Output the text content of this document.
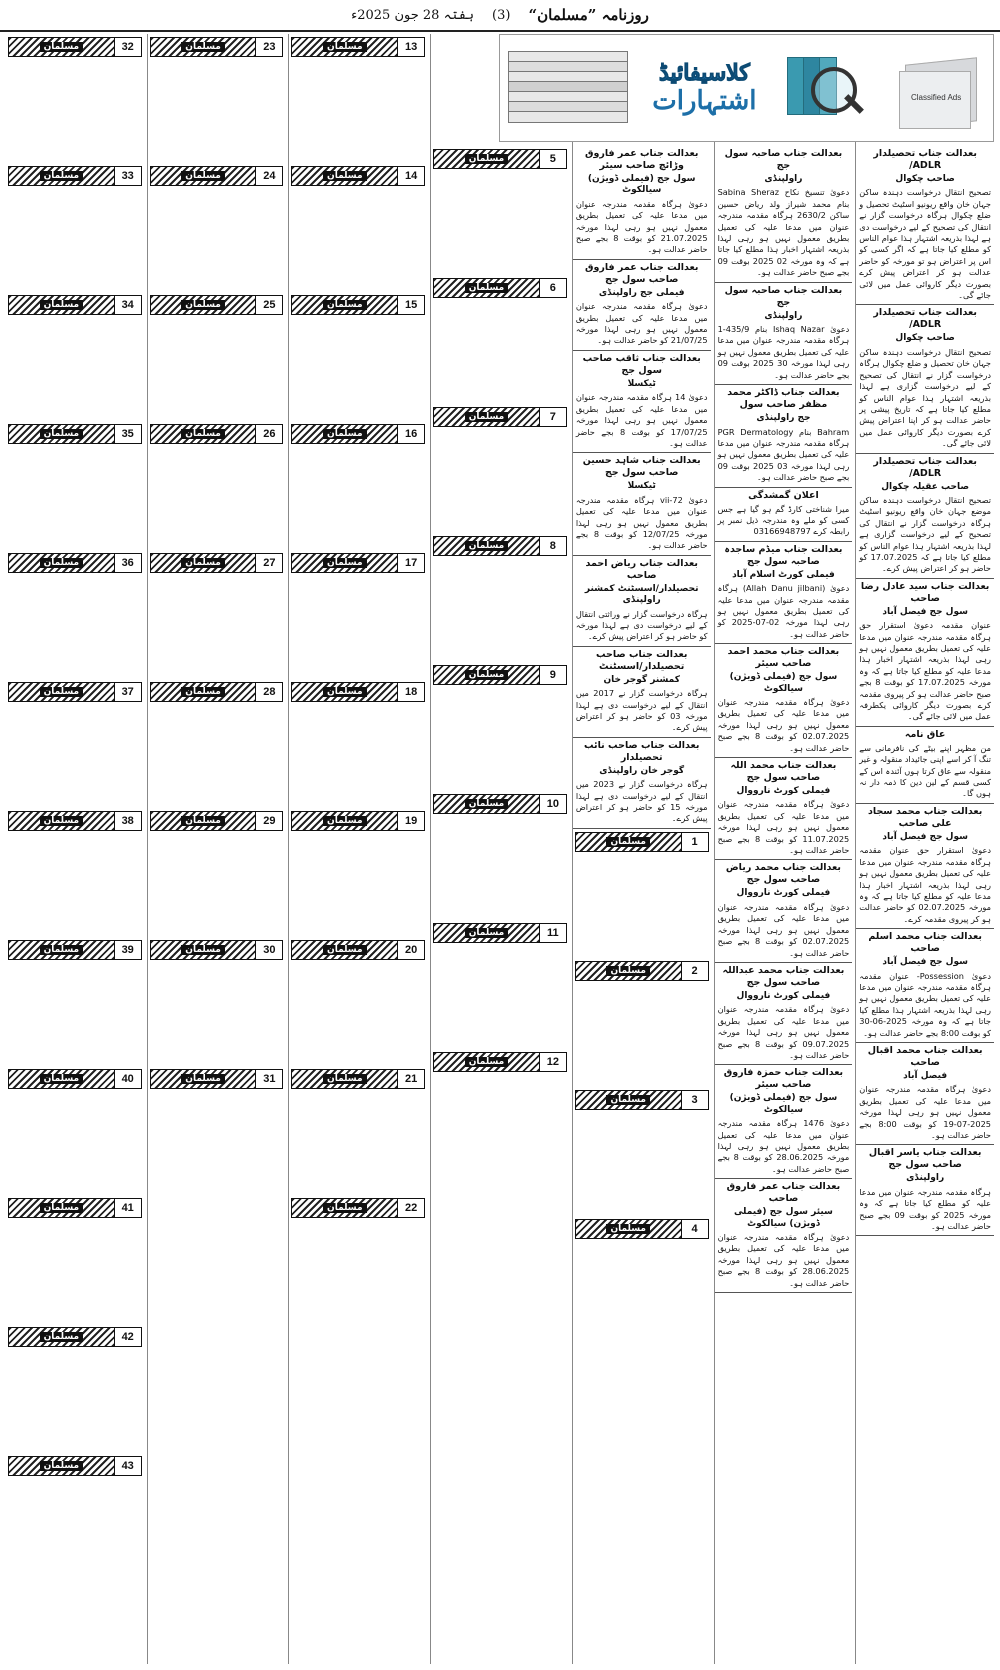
روزنامہ ”مسلمان“
(3)
ہفتہ 28 جون 2025ء
Classified Ads
کلاسیفائیڈ
اشتہارات
بعدالت جناب تحصیلدار ADLR/
صاحب چکوال

تصحیح انتقال درخواست دہندہ ساکن جہان خان واقع ریونیو اسٹیٹ تحصیل و ضلع چکوال ہرگاہ درخواست گزار نے انتقال کی تصحیح کے لیے درخواست دی ہے لہذا بذریعہ اشتہار ہذا عوام الناس کو مطلع کیا جاتا ہے کہ اگر کسی کو اس پر اعتراض ہو تو مورخہ کو حاضر عدالت ہو کر اعتراض پیش کرے بصورت دیگر کاروائی عمل میں لائی جائے گی۔

بعدالت جناب تحصیلدار ADLR/
صاحب چکوال

تصحیح انتقال درخواست دہندہ ساکن جہان خان تحصیل و ضلع چکوال ہرگاہ درخواست گزار نے انتقال کی تصحیح کے لیے درخواست گزاری ہے لہذا بذریعہ اشتہار ہذا عوام الناس کو مطلع کیا جاتا ہے کہ تاریخ پیشی پر حاضر عدالت ہو کر اپنا اعتراض پیش کرے بصورت دیگر کاروائی عمل میں لائی جائے گی۔

بعدالت جناب تحصیلدار ADLR/
صاحب عقیلہ چکوال

تصحیح انتقال درخواست دہندہ ساکن موضع جہان خان واقع ریونیو اسٹیٹ ہرگاہ درخواست گزار نے انتقال کی تصحیح کے لیے درخواست گزاری ہے لہذا بذریعہ اشتہار ہذا عوام الناس کو مطلع کیا جاتا ہے کہ 17.07.2025 کو حاضر ہو کر اعتراض پیش کرے۔

بعدالت جناب سید عادل رضا صاحب
سول جج فیصل آباد

عنوان مقدمہ دعویٰ استقرار حق ہرگاہ مقدمہ مندرجہ عنوان میں مدعا علیہ کی تعمیل بطریق معمول نہیں ہو رہی لہذا بذریعہ اشتہار اخبار ہذا مدعا علیہ کو مطلع کیا جاتا ہے کہ وہ مورخہ 17.07.2025 کو بوقت 8 بجے صبح حاضر عدالت ہو کر پیروی مقدمہ کرے بصورت دیگر کاروائی یکطرفہ عمل میں لائی جائے گی۔

عاق نامہ

من مظہر اپنے بیٹے کی نافرمانی سے تنگ آ کر اسے اپنی جائیداد منقولہ و غیر منقولہ سے عاق کرتا ہوں آئندہ اس کے کسی قسم کے لین دین کا ذمہ دار نہ ہوں گا۔

بعدالت جناب محمد سجاد علی صاحب
سول جج فیصل آباد

دعویٰ استقرار حق عنوان مقدمہ ہرگاہ مقدمہ مندرجہ عنوان میں مدعا علیہ کی تعمیل بطریق معمول نہیں ہو رہی لہذا بذریعہ اشتہار اخبار ہذا مدعا علیہ کو مطلع کیا جاتا ہے کہ وہ مورخہ 02.07.2025 کو حاضر عدالت ہو کر پیروی مقدمہ کرے۔

بعدالت جناب محمد اسلم صاحب
سول جج فیصل آباد

دعویٰ Possession- عنوان مقدمہ ہرگاہ مقدمہ مندرجہ عنوان میں مدعا علیہ کی تعمیل بطریق معمول نہیں ہو رہی لہذا بذریعہ اشتہار ہذا مطلع کیا جاتا ہے کہ وہ مورخہ 2025-06-30 کو بوقت 8:00 بجے حاضر عدالت ہو۔

بعدالت جناب محمد اقبال صاحب
فیصل آباد

دعویٰ ہرگاہ مقدمہ مندرجہ عنوان میں مدعا علیہ کی تعمیل بطریق معمول نہیں ہو رہی لہذا مورخہ 2025-07-19 کو بوقت 8:00 بجے حاضر عدالت ہو۔

بعدالت جناب یاسر اقبال صاحب سول جج
راولپنڈی

ہرگاہ مقدمہ مندرجہ عنوان میں مدعا علیہ کو مطلع کیا جاتا ہے کہ وہ مورخہ 2025 کو بوقت 09 بجے صبح حاضر عدالت ہو۔

بعدالت جناب صاحبہ سول جج
راولپنڈی

دعویٰ تنسیخ نکاح Sabina Sheraz بنام محمد شیراز ولد ریاض حسین ساکن 2630/2 ہرگاہ مقدمہ مندرجہ عنوان میں مدعا علیہ کی تعمیل بطریق معمول نہیں ہو رہی لہذا بذریعہ اشتہار اخبار ہذا مطلع کیا جاتا ہے کہ وہ مورخہ 02 2025 بوقت 09 بجے صبح حاضر عدالت ہو۔

بعدالت جناب صاحبہ سول جج
راولپنڈی

دعویٰ Ishaq Nazar بنام 435/9-1 ہرگاہ مقدمہ مندرجہ عنوان میں مدعا علیہ کی تعمیل بطریق معمول نہیں ہو رہی لہذا مورخہ 30 2025 بوقت 09 بجے حاضر عدالت ہو۔

بعدالت جناب ڈاکٹر محمد مظفر صاحب سول
جج راولپنڈی

Bahram بنام PGR Dermatology ہرگاہ مقدمہ مندرجہ عنوان میں مدعا علیہ کی تعمیل بطریق معمول نہیں ہو رہی لہذا مورخہ 03 2025 بوقت 09 بجے صبح حاضر عدالت ہو۔

اعلان گمشدگی

میرا شناختی کارڈ گم ہو گیا ہے جس کسی کو ملے وہ مندرجہ ذیل نمبر پر رابطہ کرے 03166948797

بعدالت جناب میڈم ساجدہ صاحبہ سول جج
فیملی کورٹ اسلام آباد

دعویٰ (Allah Danu jilbani) ہرگاہ مقدمہ مندرجہ عنوان میں مدعا علیہ کی تعمیل بطریق معمول نہیں ہو رہی لہذا مورخہ 02-07-2025 کو حاضر عدالت ہو۔

بعدالت جناب محمد احمد صاحب سیئر
سول جج (فیملی ڈویژن) سیالکوٹ

دعویٰ ہرگاہ مقدمہ مندرجہ عنوان میں مدعا علیہ کی تعمیل بطریق معمول نہیں ہو رہی لہذا مورخہ 02.07.2025 کو بوقت 8 بجے صبح حاضر عدالت ہو۔

بعدالت جناب محمد اللہ صاحب سول جج
فیملی کورٹ نارووال

دعویٰ ہرگاہ مقدمہ مندرجہ عنوان میں مدعا علیہ کی تعمیل بطریق معمول نہیں ہو رہی لہذا مورخہ 11.07.2025 کو بوقت 8 بجے صبح حاضر عدالت ہو۔

بعدالت جناب محمد ریاض صاحب سول جج
فیملی کورٹ نارووال

دعویٰ ہرگاہ مقدمہ مندرجہ عنوان میں مدعا علیہ کی تعمیل بطریق معمول نہیں ہو رہی لہذا مورخہ 02.07.2025 کو بوقت 8 بجے صبح حاضر عدالت ہو۔

بعدالت جناب محمد عبداللہ صاحب سول جج
فیملی کورٹ نارووال

دعویٰ ہرگاہ مقدمہ مندرجہ عنوان میں مدعا علیہ کی تعمیل بطریق معمول نہیں ہو رہی لہذا مورخہ 09.07.2025 کو بوقت 8 بجے صبح حاضر عدالت ہو۔

بعدالت جناب حمزہ فاروق صاحب سیئر
سول جج (فیملی ڈویژن) سیالکوٹ

دعویٰ 1476 ہرگاہ مقدمہ مندرجہ عنوان میں مدعا علیہ کی تعمیل بطریق معمول نہیں ہو رہی لہذا مورخہ 28.06.2025 کو بوقت 8 بجے صبح حاضر عدالت ہو۔

بعدالت جناب عمر فاروق صاحب
سیئر سول جج (فیملی ڈویژن) سیالکوٹ

دعویٰ ہرگاہ مقدمہ مندرجہ عنوان میں مدعا علیہ کی تعمیل بطریق معمول نہیں ہو رہی لہذا مورخہ 28.06.2025 کو بوقت 8 بجے صبح حاضر عدالت ہو۔

بعدالت جناب عمر فاروق وڑائچ صاحب سیئر
سول جج (فیملی ڈویژن) سیالکوٹ

دعویٰ ہرگاہ مقدمہ مندرجہ عنوان میں مدعا علیہ کی تعمیل بطریق معمول نہیں ہو رہی لہذا مورخہ 21.07.2025 کو بوقت 8 بجے صبح حاضر عدالت ہو۔

بعدالت جناب عمر فاروق صاحب سول جج
فیملی جج راولپنڈی

دعویٰ ہرگاہ مقدمہ مندرجہ عنوان میں مدعا علیہ کی تعمیل بطریق معمول نہیں ہو رہی لہذا مورخہ 21/07/25 کو حاضر عدالت ہو۔

بعدالت جناب ثاقب صاحب سول جج
ٹیکسلا

دعویٰ 14 ہرگاہ مقدمہ مندرجہ عنوان میں مدعا علیہ کی تعمیل بطریق معمول نہیں ہو رہی لہذا مورخہ 17/07/25 کو بوقت 8 بجے حاضر عدالت ہو۔

بعدالت جناب شاہد حسین صاحب سول جج
ٹیکسلا

دعویٰ vii-72 ہرگاہ مقدمہ مندرجہ عنوان میں مدعا علیہ کی تعمیل بطریق معمول نہیں ہو رہی لہذا مورخہ 12/07/25 کو بوقت 8 بجے حاضر عدالت ہو۔

بعدالت جناب ریاض احمد صاحب
تحصیلدار/اسسٹنٹ کمشنر راولپنڈی

ہرگاہ درخواست گزار نے وراثتی انتقال کے لیے درخواست دی ہے لہذا مورخہ کو حاضر ہو کر اعتراض پیش کرے۔

بعدالت جناب صاحب تحصیلدار/اسسٹنٹ
کمشنر گوجر خان

ہرگاہ درخواست گزار نے 2017 میں انتقال کے لیے درخواست دی ہے لہذا مورخہ 03 کو حاضر ہو کر اعتراض پیش کرے۔

بعدالت جناب صاحب نائب تحصیلدار
گوجر خان راولپنڈی

ہرگاہ درخواست گزار نے 2023 میں انتقال کے لیے درخواست دی ہے لہذا مورخہ 15 کو حاضر ہو کر اعتراض پیش کرے۔

1
مسلمان
2
مسلمان
3
مسلمان
4
مسلمان
5
مسلمان
6
مسلمان
7
مسلمان
8
مسلمان
9
مسلمان
10
مسلمان
11
مسلمان
12
مسلمان
13
مسلمان
14
مسلمان
15
مسلمان
16
مسلمان
17
مسلمان
18
مسلمان
19
مسلمان
20
مسلمان
21
مسلمان
22
مسلمان
23
مسلمان
24
مسلمان
25
مسلمان
26
مسلمان
27
مسلمان
28
مسلمان
29
مسلمان
30
مسلمان
31
مسلمان
32
مسلمان
33
مسلمان
34
مسلمان
35
مسلمان
36
مسلمان
37
مسلمان
38
مسلمان
39
مسلمان
40
مسلمان
41
مسلمان
42
مسلمان
43
مسلمان
